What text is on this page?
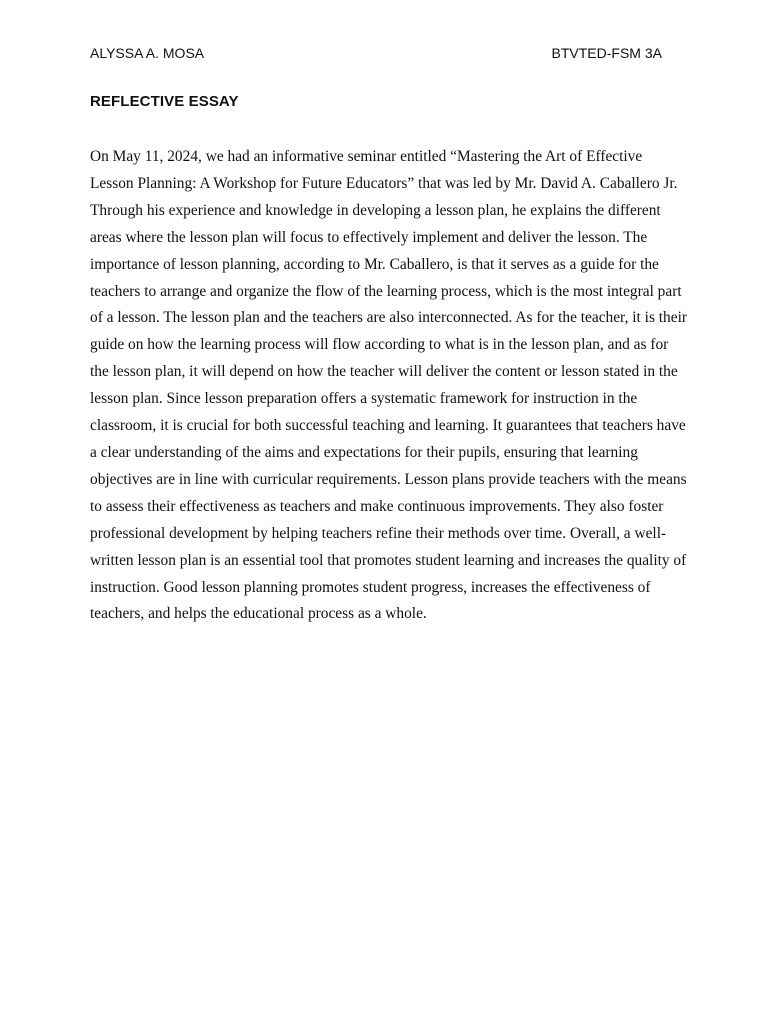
ALYSSA A. MOSA	BTVTED-FSM 3A
REFLECTIVE ESSAY

On May 11, 2024, we had an informative seminar entitled “Mastering the Art of Effective
Lesson Planning: A Workshop for Future Educators” that was led by Mr. David A. Caballero Jr.
Through his experience and knowledge in developing a lesson plan, he explains the different
areas where the lesson plan will focus to effectively implement and deliver the lesson. The
importance of lesson planning, according to Mr. Caballero, is that it serves as a guide for the
teachers to arrange and organize the flow of the learning process, which is the most integral part
of a lesson. The lesson plan and the teachers are also interconnected. As for the teacher, it is their
guide on how the learning process will flow according to what is in the lesson plan, and as for
the lesson plan, it will depend on how the teacher will deliver the content or lesson stated in the
lesson plan. Since lesson preparation offers a systematic framework for instruction in the
classroom, it is crucial for both successful teaching and learning. It guarantees that teachers have
a clear understanding of the aims and expectations for their pupils, ensuring that learning
objectives are in line with curricular requirements. Lesson plans provide teachers with the means
to assess their effectiveness as teachers and make continuous improvements. They also foster
professional development by helping teachers refine their methods over time. Overall, a well-
written lesson plan is an essential tool that promotes student learning and increases the quality of
instruction. Good lesson planning promotes student progress, increases the effectiveness of
teachers, and helps the educational process as a whole.
